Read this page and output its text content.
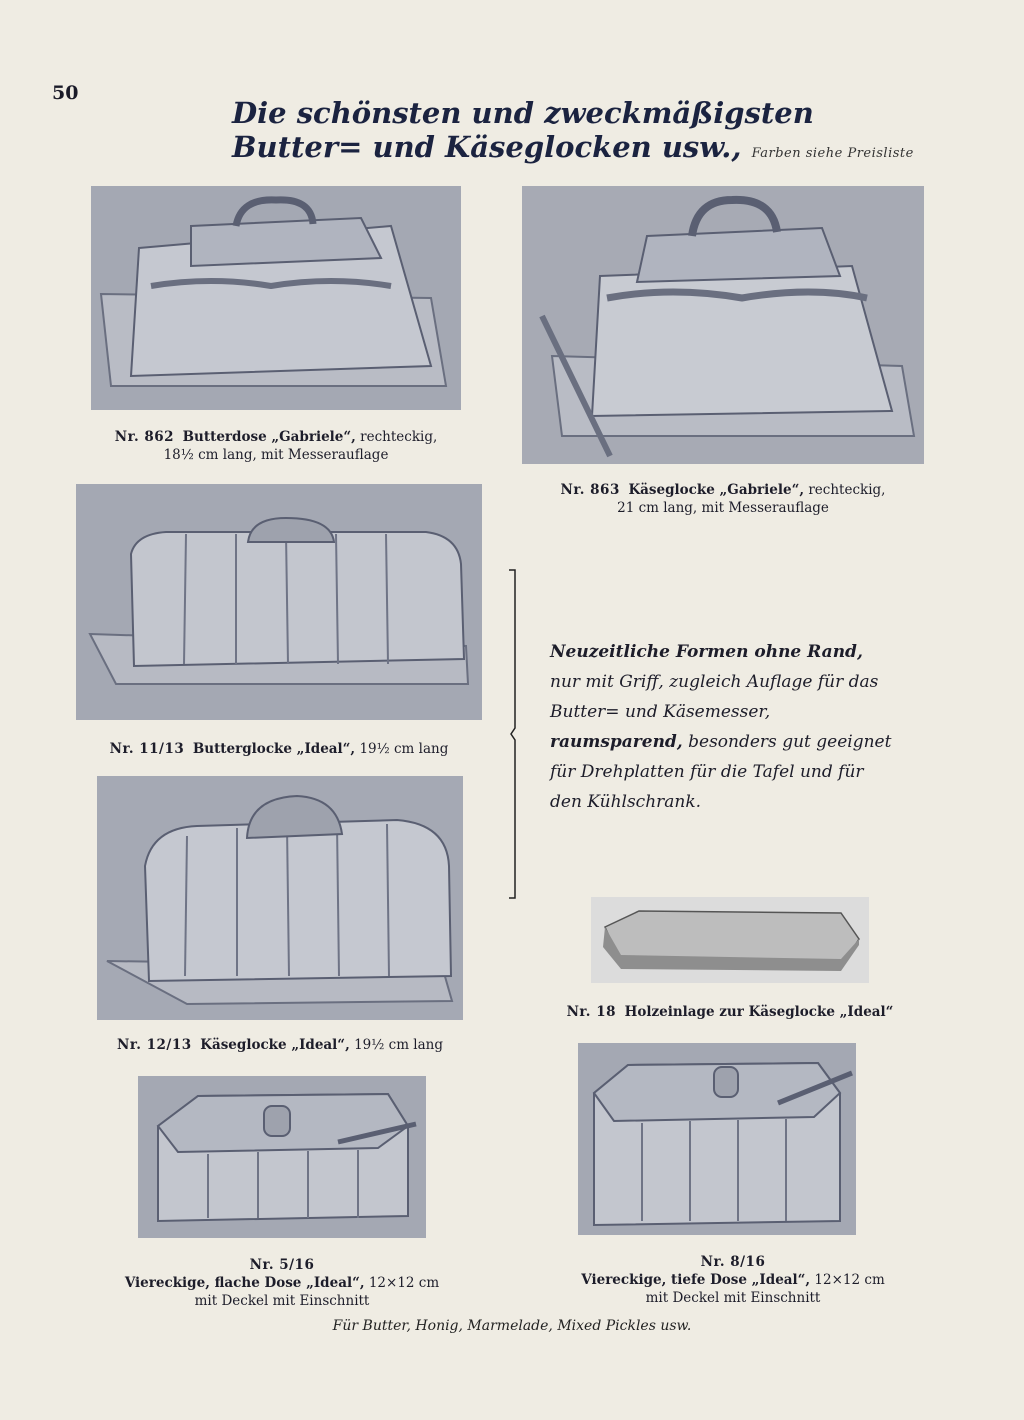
50
Die schönsten und zweckmäßigsten
Butter= und Käseglocken usw., Farben siehe Preisliste
Nr. 862 Butterdose „Gabriele“, rechteckig,
18½ cm lang, mit Messerauflage
Nr. 863 Käseglocke „Gabriele“, rechteckig,
21 cm lang, mit Messerauflage
Nr. 11/13 Butterglocke „Ideal“, 19½ cm lang
Nr. 12/13 Käseglocke „Ideal“, 19½ cm lang
Neuzeitliche Formen ohne Rand,
nur mit Griff, zugleich Auflage für das
Butter= und Käsemesser,
raumsparend, besonders gut geeignet
für Drehplatten für die Tafel und für
den Kühlschrank.
Nr. 18 Holzeinlage zur Käseglocke „Ideal“
Nr. 5/16
Viereckige, flache Dose „Ideal“, 12×12 cm
mit Deckel mit Einschnitt
Nr. 8/16
Viereckige, tiefe Dose „Ideal“, 12×12 cm
mit Deckel mit Einschnitt
Für Butter, Honig, Marmelade, Mixed Pickles usw.
